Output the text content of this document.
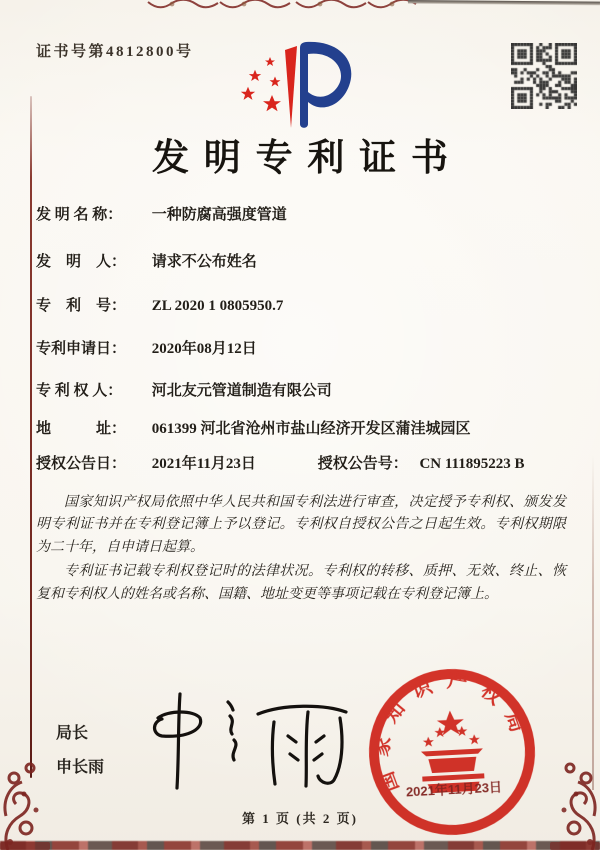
证书号第4812800号
发明专利证书
发 明 名 称： 一种防腐高强度管道
发　明　人： 请求不公布姓名
专　利　号： ZL 2020 1 0805950.7
专利申请日： 2020年08月12日
专 利 权 人： 河北友元管道制造有限公司
地　　　址： 061399 河北省沧州市盐山经济开发区蒲洼城园区
授权公告日： 2021年11月23日	授权公告号： CN 111895223 B

国家知识产权局依照中华人民共和国专利法进行审查，决定授予专利权、颁发发明专利证书并在专利登记簿上予以登记。专利权自授权公告之日起生效。专利权期限为二十年，自申请日起算。

专利证书记载专利权登记时的法律状况。专利权的转移、质押、无效、终止、恢复和专利权人的姓名或名称、国籍、地址变更等事项记载在专利登记簿上。

局长
申长雨	国家知识产权局
2021年11月23日
第 1 页 (共 2 页)
